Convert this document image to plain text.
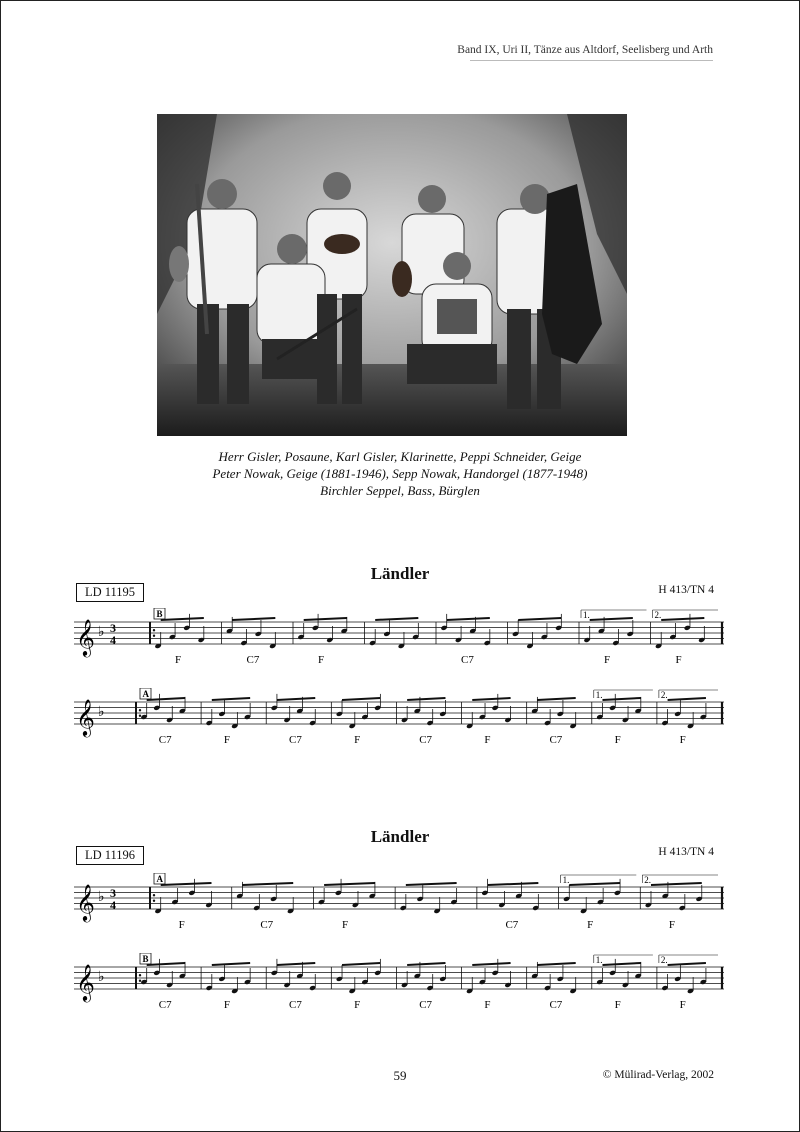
Band IX, Uri II, Tänze aus Altdorf, Seelisberg und Arth
Herr Gisler, Posaune, Karl Gisler, Klarinette, Peppi Schneider, Geige
Peter Nowak, Geige (1881-1946), Sepp Nowak, Handorgel (1877-1948)
Birchler Seppel, Bass, Bürglen
Ländler
LD 11195	H 413/TN 4
𝄞 ♭ 3
4
B
F	C7	F	C7	F	F
1.	2.
𝄞 ♭
A
C7	F	C7	F	C7	F	C7	F	F
1.	2.
Ländler
LD 11196	H 413/TN 4
𝄞 ♭ 3
4
A
F	C7	F	C7	F	F
1.	2.
𝄞 ♭
B
C7	F	C7	F	C7	F	C7	F	F
1.	2.
59	© Mülirad-Verlag, 2002
